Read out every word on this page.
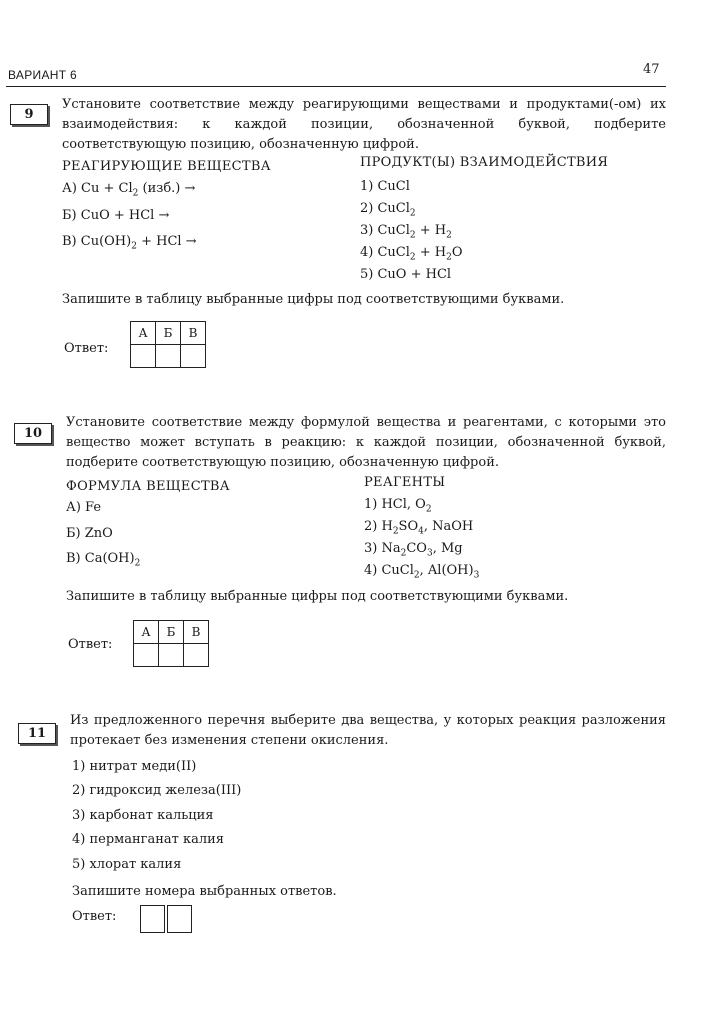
ВАРИАНТ 6	47
9
Установите соответствие между реагирующими веществами и продуктами(-ом) их взаимодействия: к каждой позиции, обозначенной буквой, подберите соответствующую позицию, обозначенную цифрой.
РЕАГИРУЮЩИЕ ВЕЩЕСТВА	ПРОДУКТ(Ы) ВЗАИМОДЕЙСТВИЯ
А) $Cu + Cl_2$ (изб.) →
Б) CuO + HCl →
В) $Cu(OH)_2$ + HCl →
1) CuCl
2) CuCl$_2$
3) CuCl$_2$ + $H_2$
4) CuCl$_2$ + $H_2O$
5) CuO + HCl
Запишите в таблицу выбранные цифры под соответствующими буквами.
Ответ:
А	Б	В

10
Установите соответствие между формулой вещества и реагентами, с которыми это вещество может вступать в реакцию: к каждой позиции, обозначенной буквой, подберите соответствующую позицию, обозначенную цифрой.
ФОРМУЛА ВЕЩЕСТВА	РЕАГЕНТЫ
А) Fe
Б) ZnO
В) $Ca(OH)_2$
1) HCl, $O_2$
2) $H_2SO_4$, NaOH
3) $Na_2CO_3$, Mg
4) CuCl$_2$, $Al(OH)_3$
Запишите в таблицу выбранные цифры под соответствующими буквами.
Ответ:
А	Б	В

11
Из предложенного перечня выберите два вещества, у которых реакция разложения протекает без изменения степени окисления.
1) нитрат меди(II)
2) гидроксид железа(III)
3) карбонат кальция
4) перманганат калия
5) хлорат калия
Запишите номера выбранных ответов.
Ответ:
